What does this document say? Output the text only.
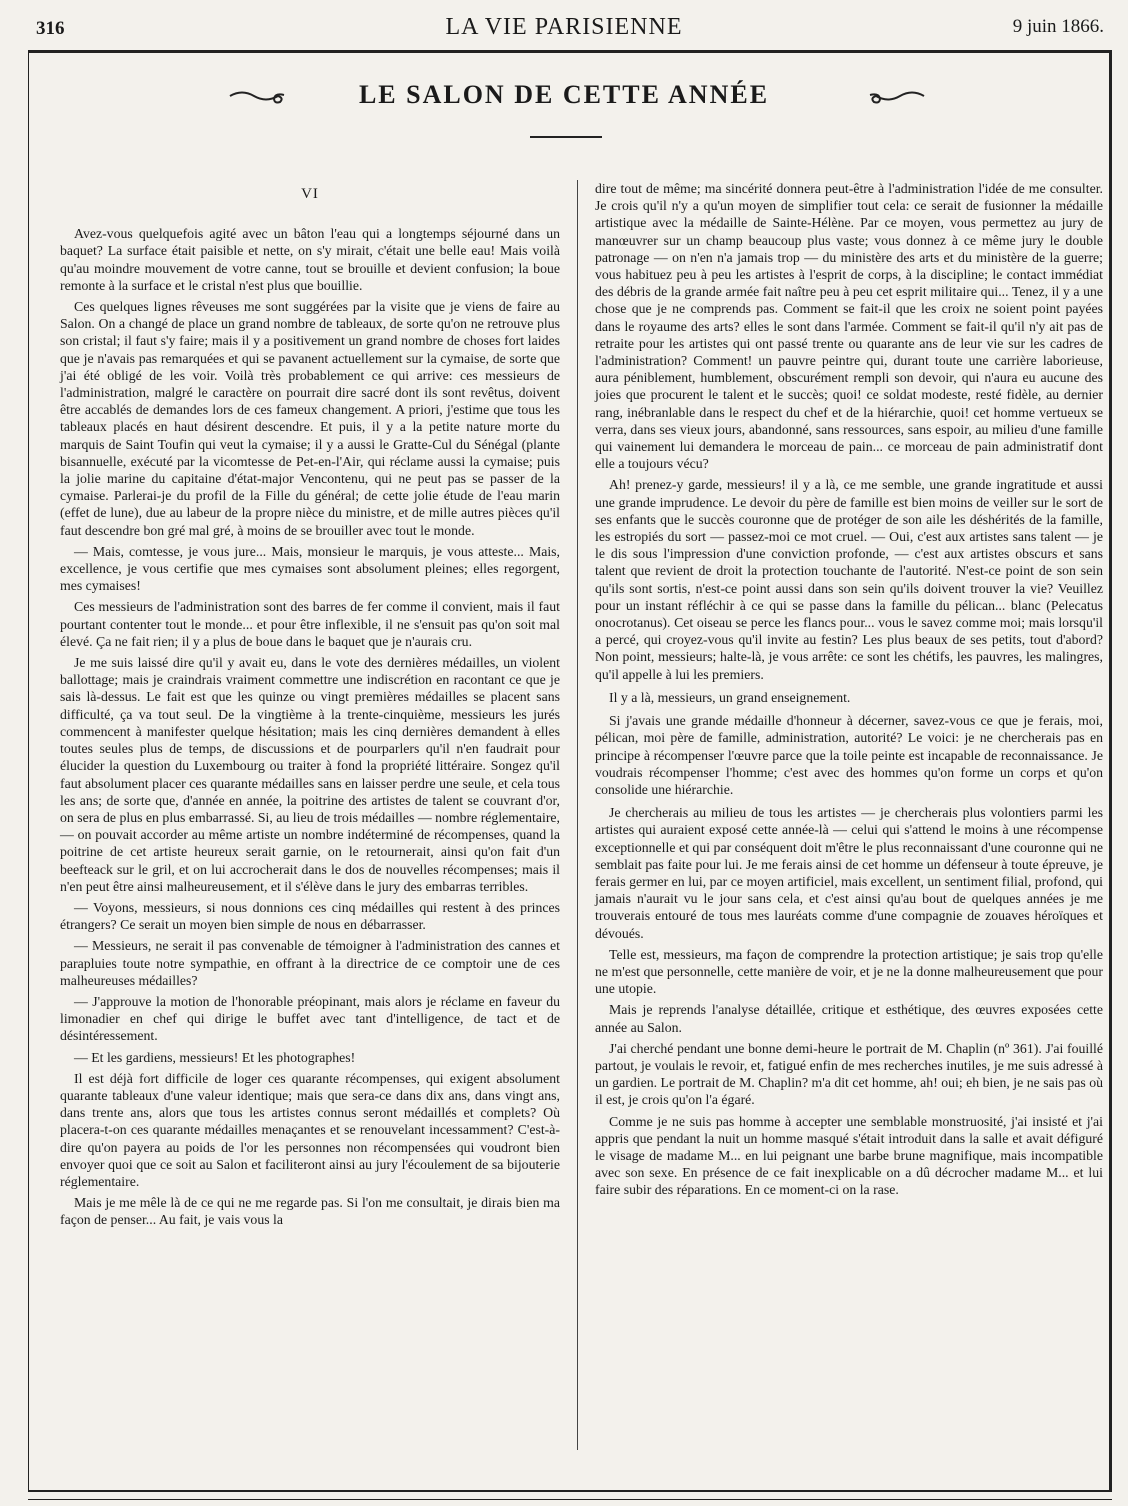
316	LA VIE PARISIENNE	9 juin 1866.
LE SALON DE CETTE ANNÉE
VI

Avez-vous quelquefois agité avec un bâton l'eau qui a longtemps séjourné dans un baquet? La surface était paisible et nette, on s'y mirait, c'était une belle eau! Mais voilà qu'au moindre mouvement de votre canne, tout se brouille et devient confusion; la boue remonte à la surface et le cristal n'est plus que bouillie.

Ces quelques lignes rêveuses me sont suggérées par la visite que je viens de faire au Salon. On a changé de place un grand nombre de tableaux, de sorte qu'on ne retrouve plus son cristal; il faut s'y faire; mais il y a positivement un grand nombre de choses fort laides que je n'avais pas remarquées et qui se pavanent actuellement sur la cymaise, de sorte que j'ai été obligé de les voir. Voilà très probablement ce qui arrive: ces messieurs de l'administration, malgré le caractère on pourrait dire sacré dont ils sont revêtus, doivent être accablés de demandes lors de ces fameux changement. A priori, j'estime que tous les tableaux placés en haut désirent descendre. Et puis, il y a la petite nature morte du marquis de Saint Toufin qui veut la cymaise; il y a aussi le Gratte-Cul du Sénégal (plante bisannuelle, exécuté par la vicomtesse de Pet-en-l'Air, qui réclame aussi la cymaise; puis la jolie marine du capitaine d'état-major Vencontenu, qui ne peut pas se passer de la cymaise. Parlerai-je du profil de la Fille du général; de cette jolie étude de l'eau marin (effet de lune), due au labeur de la propre nièce du ministre, et de mille autres pièces qu'il faut descendre bon gré mal gré, à moins de se brouiller avec tout le monde.

— Mais, comtesse, je vous jure... Mais, monsieur le marquis, je vous atteste... Mais, excellence, je vous certifie que mes cymaises sont absolument pleines; elles regorgent, mes cymaises!

Ces messieurs de l'administration sont des barres de fer comme il convient, mais il faut pourtant contenter tout le monde... et pour être inflexible, il ne s'ensuit pas qu'on soit mal élevé. Ça ne fait rien; il y a plus de boue dans le baquet que je n'aurais cru.

Je me suis laissé dire qu'il y avait eu, dans le vote des dernières médailles, un violent ballottage; mais je craindrais vraiment commettre une indiscrétion en racontant ce que je sais là-dessus. Le fait est que les quinze ou vingt premières médailles se placent sans difficulté, ça va tout seul. De la vingtième à la trente-cinquième, messieurs les jurés commencent à manifester quelque hésitation; mais les cinq dernières demandent à elles toutes seules plus de temps, de discussions et de pourparlers qu'il n'en faudrait pour élucider la question du Luxembourg ou traiter à fond la propriété littéraire. Songez qu'il faut absolument placer ces quarante médailles sans en laisser perdre une seule, et cela tous les ans; de sorte que, d'année en année, la poitrine des artistes de talent se couvrant d'or, on sera de plus en plus embarrassé. Si, au lieu de trois médailles — nombre réglementaire, — on pouvait accorder au même artiste un nombre indéterminé de récompenses, quand la poitrine de cet artiste heureux serait garnie, on le retournerait, ainsi qu'on fait d'un beefteack sur le gril, et on lui accrocherait dans le dos de nouvelles récompenses; mais il n'en peut être ainsi malheureusement, et il s'élève dans le jury des embarras terribles.

— Voyons, messieurs, si nous donnions ces cinq médailles qui restent à des princes étrangers? Ce serait un moyen bien simple de nous en débarrasser.

— Messieurs, ne serait il pas convenable de témoigner à l'administration des cannes et parapluies toute notre sympathie, en offrant à la directrice de ce comptoir une de ces malheureuses médailles?

— J'approuve la motion de l'honorable préopinant, mais alors je réclame en faveur du limonadier en chef qui dirige le buffet avec tant d'intelligence, de tact et de désintéressement.

— Et les gardiens, messieurs! Et les photographes!

Il est déjà fort difficile de loger ces quarante récompenses, qui exigent absolument quarante tableaux d'une valeur identique; mais que sera-ce dans dix ans, dans vingt ans, dans trente ans, alors que tous les artistes connus seront médaillés et complets? Où placera-t-on ces quarante médailles menaçantes et se renouvelant incessamment? C'est-à-dire qu'on payera au poids de l'or les personnes non récompensées qui voudront bien envoyer quoi que ce soit au Salon et faciliteront ainsi au jury l'écoulement de sa bijouterie réglementaire.

Mais je me mêle là de ce qui ne me regarde pas. Si l'on me consultait, je dirais bien ma façon de penser... Au fait, je vais vous la

dire tout de même; ma sincérité donnera peut-être à l'administration l'idée de me consulter. Je crois qu'il n'y a qu'un moyen de simplifier tout cela: ce serait de fusionner la médaille artistique avec la médaille de Sainte-Hélène. Par ce moyen, vous permettez au jury de manœuvrer sur un champ beaucoup plus vaste; vous donnez à ce même jury le double patronage — on n'en n'a jamais trop — du ministère des arts et du ministère de la guerre; vous habituez peu à peu les artistes à l'esprit de corps, à la discipline; le contact immédiat des débris de la grande armée fait naître peu à peu cet esprit militaire qui... Tenez, il y a une chose que je ne comprends pas. Comment se fait-il que les croix ne soient point payées dans le royaume des arts? elles le sont dans l'armée. Comment se fait-il qu'il n'y ait pas de retraite pour les artistes qui ont passé trente ou quarante ans de leur vie sur les cadres de l'administration? Comment! un pauvre peintre qui, durant toute une carrière laborieuse, aura péniblement, humblement, obscurément rempli son devoir, qui n'aura eu aucune des joies que procurent le talent et le succès; quoi! ce soldat modeste, resté fidèle, au dernier rang, inébranlable dans le respect du chef et de la hiérarchie, quoi! cet homme vertueux se verra, dans ses vieux jours, abandonné, sans ressources, sans espoir, au milieu d'une famille qui vainement lui demandera le morceau de pain... ce morceau de pain administratif dont elle a toujours vécu?

Ah! prenez-y garde, messieurs! il y a là, ce me semble, une grande ingratitude et aussi une grande imprudence. Le devoir du père de famille est bien moins de veiller sur le sort de ses enfants que le succès couronne que de protéger de son aile les déshérités de la famille, les estropiés du sort — passez-moi ce mot cruel. — Oui, c'est aux artistes sans talent — je le dis sous l'impression d'une conviction profonde, — c'est aux artistes obscurs et sans talent que revient de droit la protection touchante de l'autorité. N'est-ce point de son sein qu'ils sont sortis, n'est-ce point aussi dans son sein qu'ils doivent trouver la vie? Veuillez pour un instant réfléchir à ce qui se passe dans la famille du pélican... blanc (Pelecatus onocrotanus). Cet oiseau se perce les flancs pour... vous le savez comme moi; mais lorsqu'il a percé, qui croyez-vous qu'il invite au festin? Les plus beaux de ses petits, tout d'abord? Non point, messieurs; halte-là, je vous arrête: ce sont les chétifs, les pauvres, les malingres, qu'il appelle à lui les premiers.

Il y a là, messieurs, un grand enseignement.

Si j'avais une grande médaille d'honneur à décerner, savez-vous ce que je ferais, moi, pélican, moi père de famille, administration, autorité? Le voici: je ne chercherais pas en principe à récompenser l'œuvre parce que la toile peinte est incapable de reconnaissance. Je voudrais récompenser l'homme; c'est avec des hommes qu'on forme un corps et qu'on consolide une hiérarchie.

Je chercherais au milieu de tous les artistes — je chercherais plus volontiers parmi les artistes qui auraient exposé cette année-là — celui qui s'attend le moins à une récompense exceptionnelle et qui par conséquent doit m'être le plus reconnaissant d'une couronne qui ne semblait pas faite pour lui. Je me ferais ainsi de cet homme un défenseur à toute épreuve, je ferais germer en lui, par ce moyen artificiel, mais excellent, un sentiment filial, profond, qui jamais n'aurait vu le jour sans cela, et c'est ainsi qu'au bout de quelques années je me trouverais entouré de tous mes lauréats comme d'une compagnie de zouaves héroïques et dévoués.

Telle est, messieurs, ma façon de comprendre la protection artistique; je sais trop qu'elle ne m'est que personnelle, cette manière de voir, et je ne la donne malheureusement que pour une utopie.

Mais je reprends l'analyse détaillée, critique et esthétique, des œuvres exposées cette année au Salon.

J'ai cherché pendant une bonne demi-heure le portrait de M. Chaplin (nº 361). J'ai fouillé partout, je voulais le revoir, et, fatigué enfin de mes recherches inutiles, je me suis adressé à un gardien. Le portrait de M. Chaplin? m'a dit cet homme, ah! oui; eh bien, je ne sais pas où il est, je crois qu'on l'a égaré.

Comme je ne suis pas homme à accepter une semblable monstruosité, j'ai insisté et j'ai appris que pendant la nuit un homme masqué s'était introduit dans la salle et avait défiguré le visage de madame M... en lui peignant une barbe brune magnifique, mais incompatible avec son sexe. En présence de ce fait inexplicable on a dû décrocher madame M... et lui faire subir des réparations. En ce moment-ci on la rase.
